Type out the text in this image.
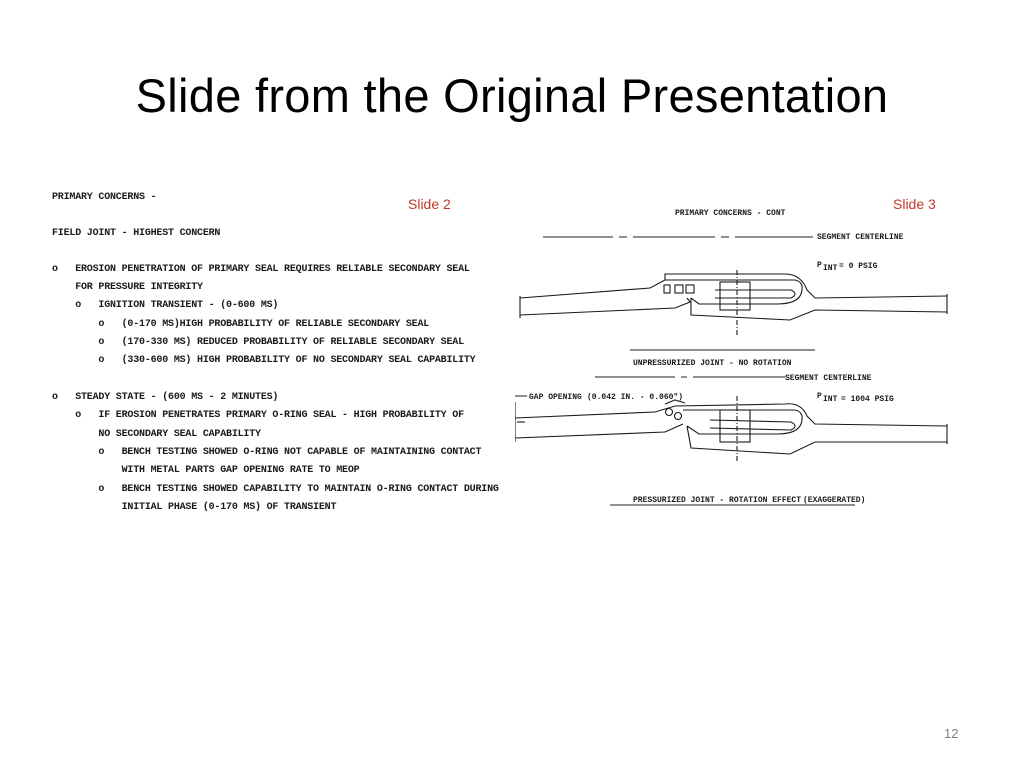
Slide from the Original Presentation
Slide 2
PRIMARY CONCERNS -
FIELD JOINT - HIGHEST CONCERN
o   EROSION PENETRATION OF PRIMARY SEAL REQUIRES RELIABLE SECONDARY SEAL
FOR PRESSURE INTEGRITY
o   IGNITION TRANSIENT - (0-600 MS)
o   (0-170 MS)HIGH PROBABILITY OF RELIABLE SECONDARY SEAL
o   (170-330 MS) REDUCED PROBABILITY OF RELIABLE SECONDARY SEAL
o   (330-600 MS) HIGH PROBABILITY OF NO SECONDARY SEAL CAPABILITY
o   STEADY STATE - (600 MS - 2 MINUTES)
o   IF EROSION PENETRATES PRIMARY O-RING SEAL - HIGH PROBABILITY OF
NO SECONDARY SEAL CAPABILITY
o   BENCH TESTING SHOWED O-RING NOT CAPABLE OF MAINTAINING CONTACT
WITH METAL PARTS GAP OPENING RATE TO MEOP
o   BENCH TESTING SHOWED CAPABILITY TO MAINTAIN O-RING CONTACT DURING
INITIAL PHASE (0-170 MS) OF TRANSIENT
PRIMARY CONCERNS - CONT
SEGMENT CENTERLINE
P INT = 0 PSIG
UNPRESSURIZED JOINT - NO ROTATION
SEGMENT CENTERLINE
GAP OPENING (0.042 IN. - 0.060")	P INT = 1004 PSIG
PRESSURIZED JOINT - ROTATION EFFECT (EXAGGERATED)
Slide 3
12
